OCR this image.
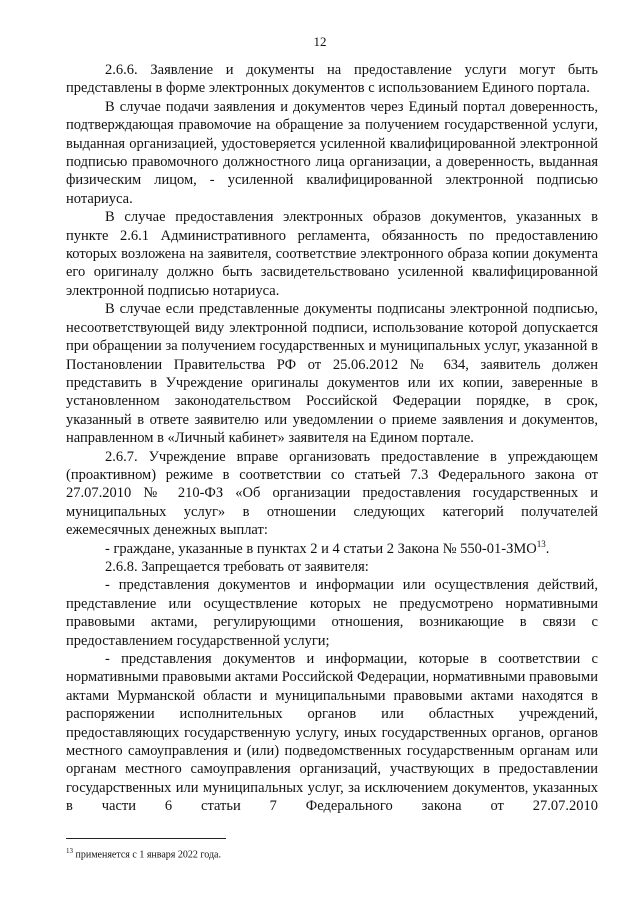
12

2.6.6. Заявление и документы на предоставление услуги могут быть представлены в форме электронных документов с использованием Единого портала.

В случае подачи заявления и документов через Единый портал доверенность, подтверждающая правомочие на обращение за получением государственной услуги, выданная организацией, удостоверяется усиленной квалифицированной электронной подписью правомочного должностного лица организации, а доверенность, выданная физическим лицом, - усиленной квалифицированной электронной подписью нотариуса.

В случае предоставления электронных образов документов, указанных в пункте 2.6.1 Административного регламента, обязанность по предоставлению которых возложена на заявителя, соответствие электронного образа копии документа его оригиналу должно быть засвидетельствовано усиленной квалифицированной электронной подписью нотариуса.

В случае если представленные документы подписаны электронной подписью, несоответствующей виду электронной подписи, использование которой допускается при обращении за получением государственных и муниципальных услуг, указанной в Постановлении Правительства РФ от 25.06.2012 № 634, заявитель должен представить в Учреждение оригиналы документов или их копии, заверенные в установленном законодательством Российской Федерации порядке, в срок, указанный в ответе заявителю или уведомлении о приеме заявления и документов, направленном в «Личный кабинет» заявителя на Едином портале.

2.6.7. Учреждение вправе организовать предоставление в упреждающем (проактивном) режиме в соответствии со статьей 7.3 Федерального закона от 27.07.2010 № 210-ФЗ «Об организации предоставления государственных и муниципальных услуг» в отношении следующих категорий получателей ежемесячных денежных выплат:

- граждане, указанные в пунктах 2 и 4 статьи 2 Закона № 550-01-ЗМО$^{13}$.

2.6.8. Запрещается требовать от заявителя:

- представления документов и информации или осуществления действий, представление или осуществление которых не предусмотрено нормативными правовыми актами, регулирующими отношения, возникающие в связи с предоставлением государственной услуги;

- представления документов и информации, которые в соответствии с нормативными правовыми актами Российской Федерации, нормативными правовыми актами Мурманской области и муниципальными правовыми актами находятся в распоряжении исполнительных органов или областных учреждений, предоставляющих государственную услугу, иных государственных органов, органов местного самоуправления и (или) подведомственных государственным органам или органам местного самоуправления организаций, участвующих в предоставлении государственных или муниципальных услуг, за исключением документов, указанных в части 6 статьи 7 Федерального закона от 27.07.2010

$^{13}$ применяется с 1 января 2022 года.
